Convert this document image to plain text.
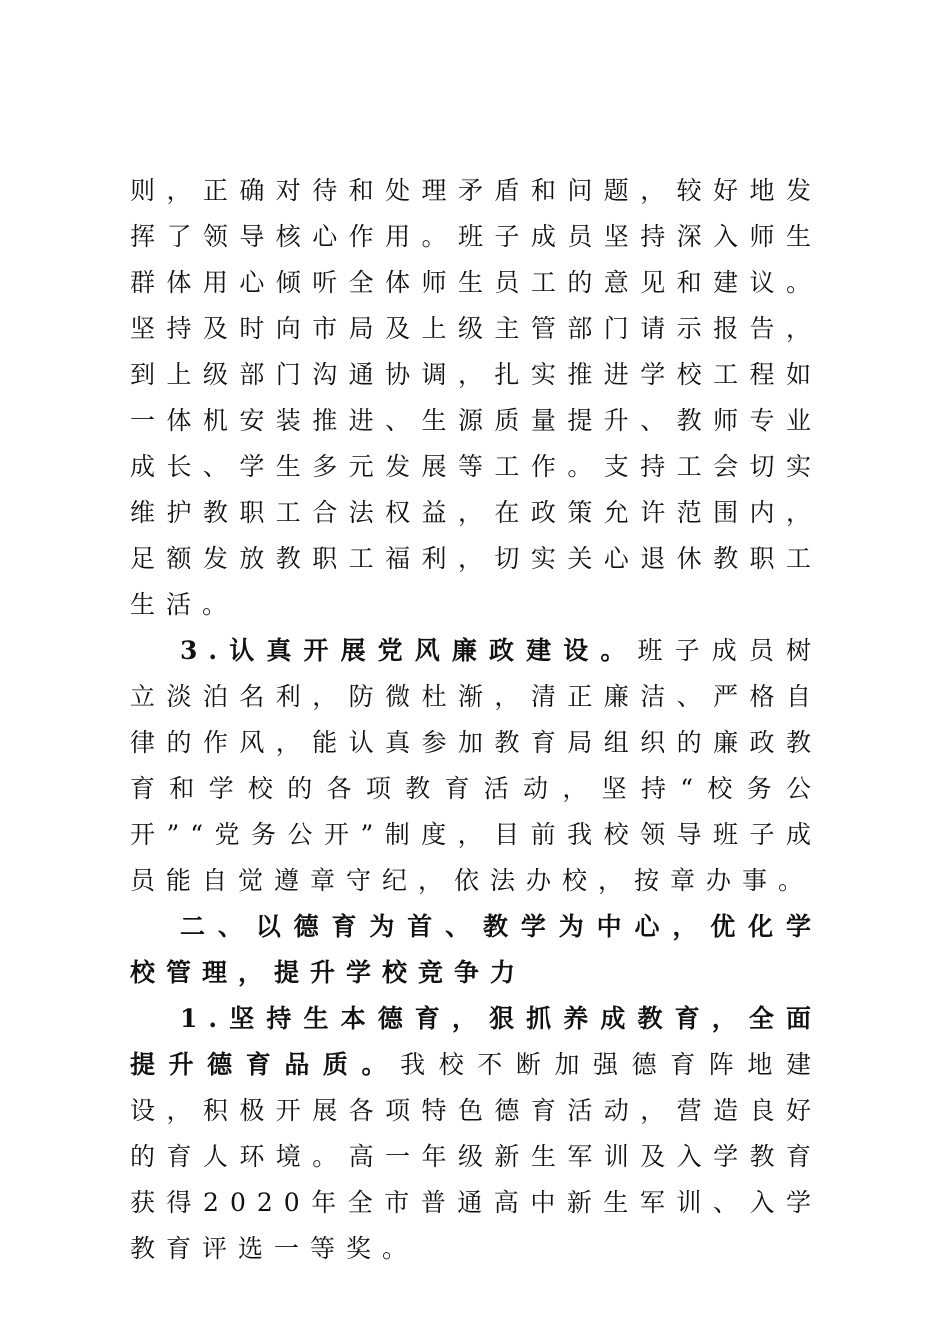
则，正确对待和处理矛盾和问题，较好地发挥了领导核心作用。班子成员坚持深入师生群体用心倾听全体师生员工的意见和建议。坚持及时向市局及上级主管部门请示报告，到上级部门沟通协调，扎实推进学校工程如一体机安装推进、生源质量提升、教师专业成长、学生多元发展等工作。支持工会切实维护教职工合法权益，在政策允许范围内，足额发放教职工福利，切实关心退休教职工生活。

3.认真开展党风廉政建设。班子成员树立淡泊名利，防微杜渐，清正廉洁、严格自律的作风，能认真参加教育局组织的廉政教育和学校的各项教育活动，坚持“校务公开”“党务公开”制度，目前我校领导班子成员能自觉遵章守纪，依法办校，按章办事。

二、以德育为首、教学为中心，优化学校管理，提升学校竞争力

1.坚持生本德育，狠抓养成教育，全面提升德育品质。我校不断加强德育阵地建设，积极开展各项特色德育活动，营造良好的育人环境。高一年级新生军训及入学教育获得2020年全市普通高中新生军训、入学教育评选一等奖。
